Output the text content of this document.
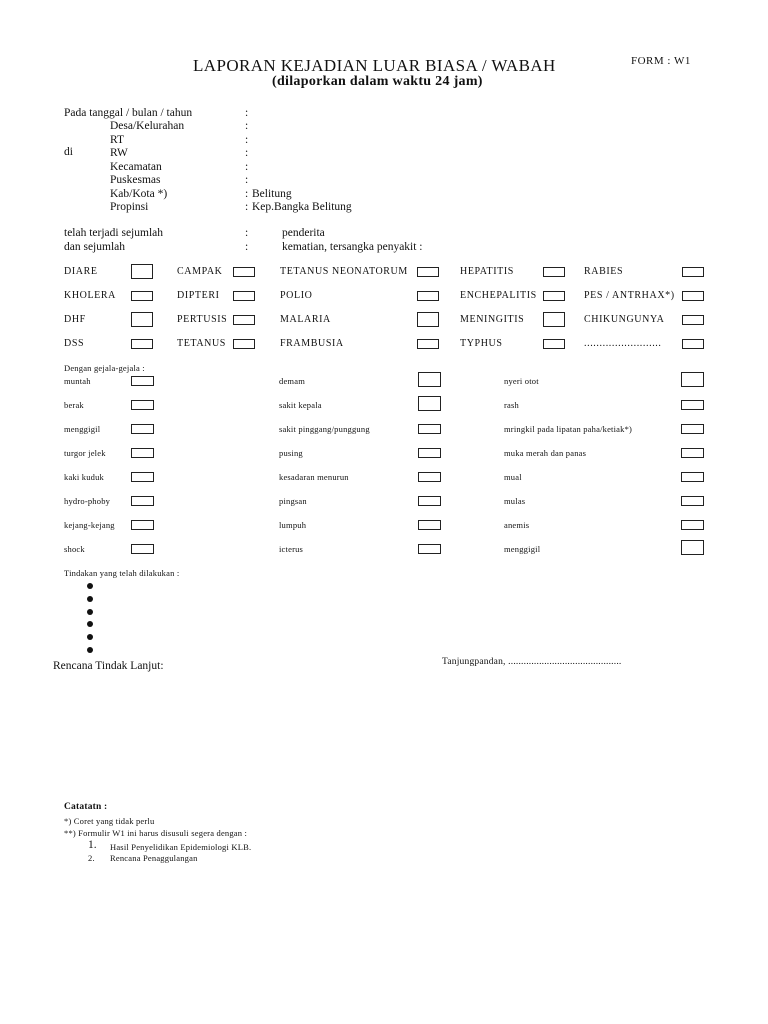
LAPORAN KEJADIAN LUAR BIASA / WABAH
(dilaporkan dalam waktu 24 jam)
FORM : W1
Pada tanggal / bulan / tahun	:
di
Desa/Kelurahan	:
RT	:
RW	:
Kecamatan	:
Puskesmas	:
Kab/Kota *)	: Belitung
Propinsi	: Kep.Bangka Belitung
telah terjadi sejumlah	:	penderita
dan sejumlah	:	kematian, tersangka penyakit :
DIARE	CAMPAK	TETANUS NEONATORUM	HEPATITIS	RABIES
KHOLERA	DIPTERI	POLIO	ENCHEPALITIS	PES / ANTRHAX*)
DHF	PERTUSIS	MALARIA	MENINGITIS	CHIKUNGUNYA
DSS	TETANUS	FRAMBUSIA	TYPHUS	.........................
Dengan gejala-gejala :
muntah	demam	nyeri otot
berak	sakit kepala	rash
menggigil	sakit pinggang/punggung	mringkil pada lipatan paha/ketiak*)
turgor jelek	pusing	muka merah dan panas
kaki kuduk	kesadaran menurun	mual
hydro-phoby	pingsan	mulas
kejang-kejang	lumpuh	anemis
shock	icterus	menggigil
Tindakan yang telah dilakukan :
Rencana Tindak Lanjut:	Tanjungpandan, ............................................
Catatatn :
*) Coret yang tidak perlu
**) Formulir W1 ini harus disusuli segera dengan :
1. Hasil Penyelidikan Epidemiologi KLB.
2. Rencana Penaggulangan
